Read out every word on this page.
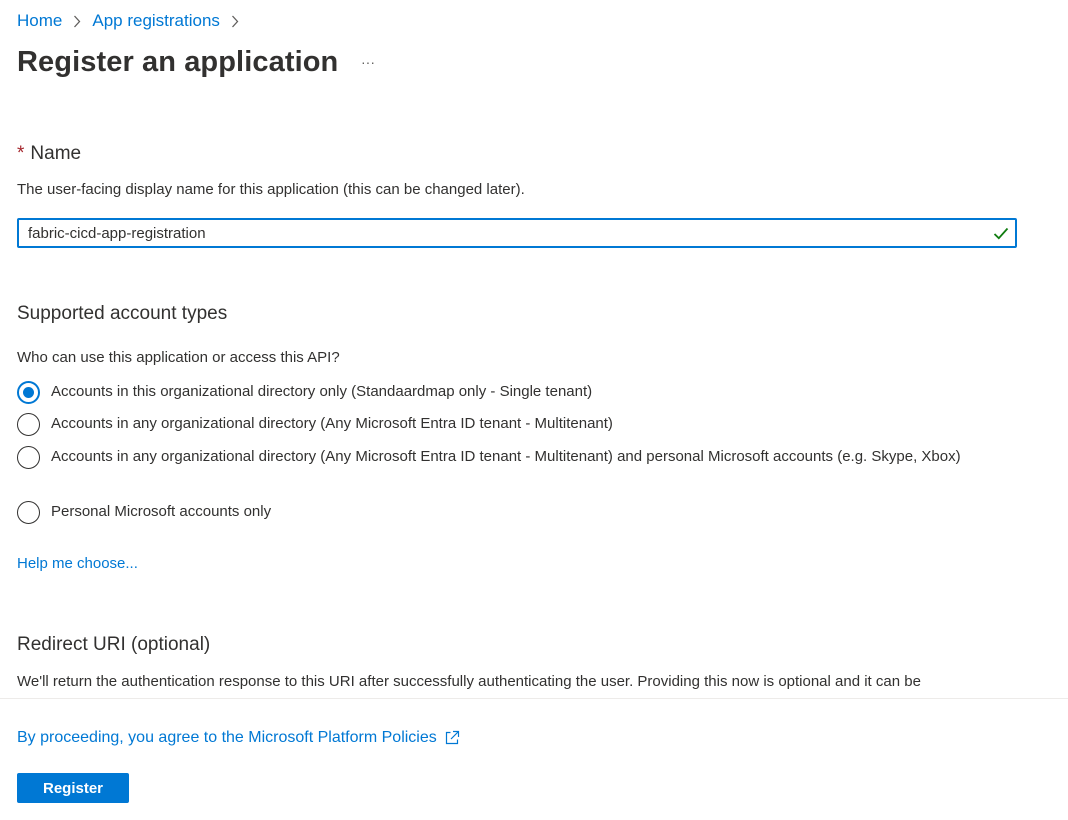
Home App registrations
Register an application ···
* Name
The user-facing display name for this application (this can be changed later).
fabric-cicd-app-registration
Supported account types
Who can use this application or access this API?
Accounts in this organizational directory only (Standaardmap only - Single tenant)
Accounts in any organizational directory (Any Microsoft Entra ID tenant - Multitenant)
Accounts in any organizational directory (Any Microsoft Entra ID tenant - Multitenant) and personal Microsoft accounts (e.g. Skype, Xbox)
Personal Microsoft accounts only
Help me choose...
Redirect URI (optional)
We'll return the authentication response to this URI after successfully authenticating the user. Providing this now is optional and it can be
By proceeding, you agree to the Microsoft Platform Policies
Register
